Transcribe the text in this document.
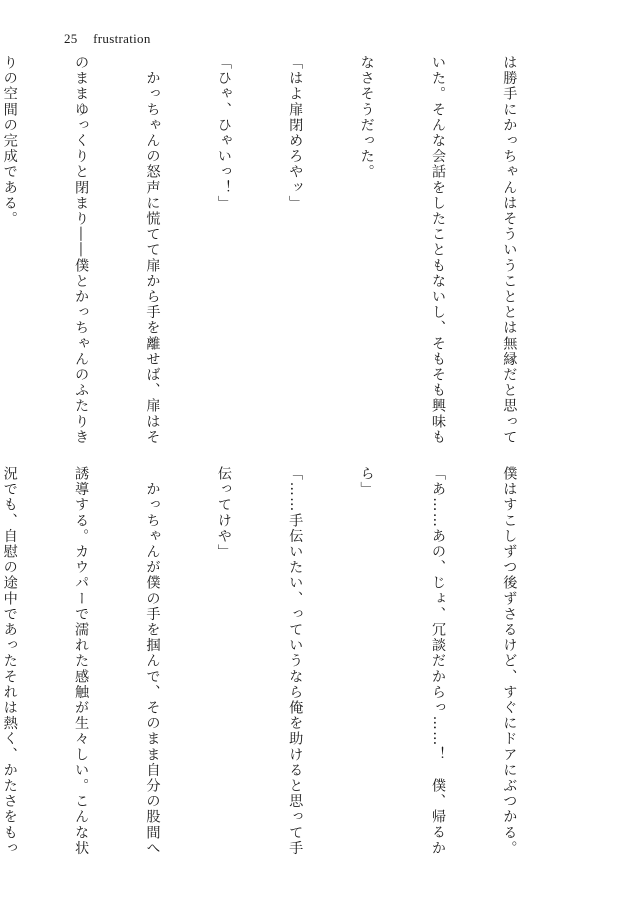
25 frustration

は勝手にかっちゃんはそういうこととは無縁だと思って

いた。そんな会話をしたこともないし、そもそも興味も

なさそうだった。

「はよ扉閉めろやッ」

「ひゃ、ひゃいっ！」

　かっちゃんの怒声に慌てて扉から手を離せば、扉はそ

のままゆっくりと閉まり――僕とかっちゃんのふたりき

りの空間の完成である。

僕はすこしずつ後ずさるけど、すぐにドアにぶつかる。

「あ……あの、じょ、冗談だからっ……！　僕、帰るか

ら」

「……手伝いたい、っていうなら俺を助けると思って手

伝ってけや」

　かっちゃんが僕の手を掴んで、そのまま自分の股間へ

誘導する。カウパーで濡れた感触が生々しい。こんな状

況でも、自慰の途中であったそれは熱く、かたさをもっ
